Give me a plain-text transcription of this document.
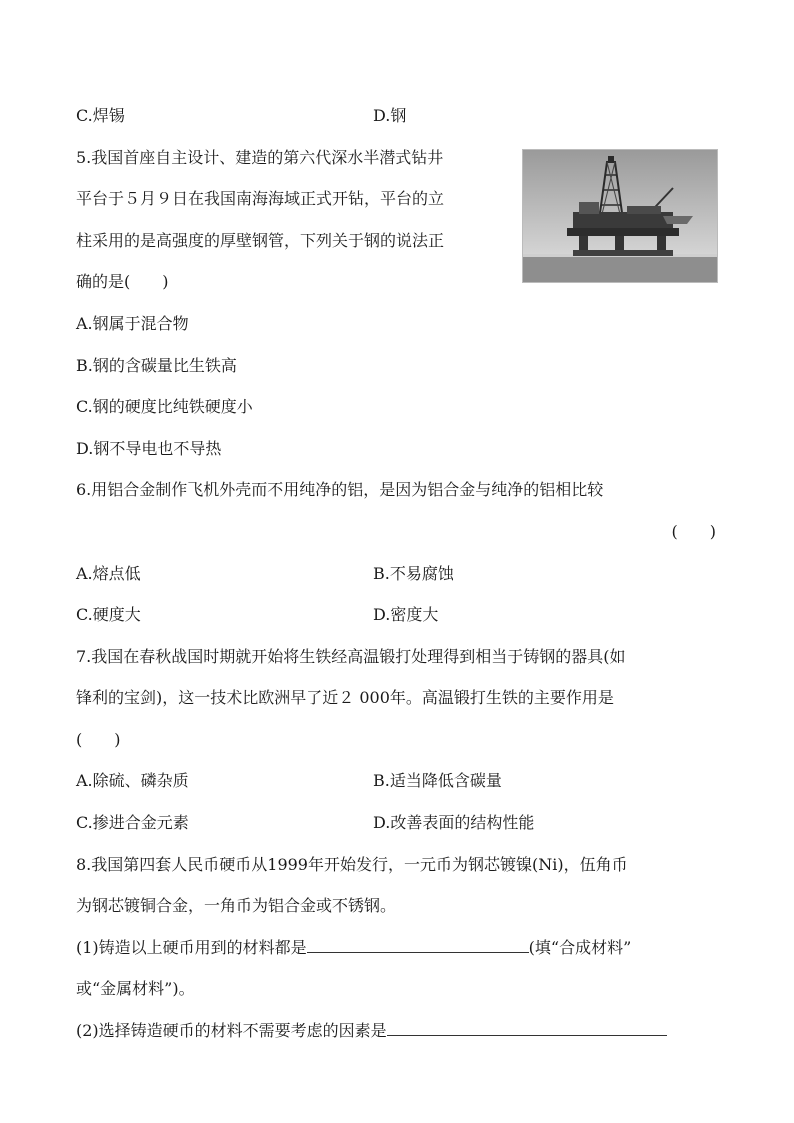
C.焊锡	D.钢
5.我国首座自主设计、建造的第六代深水半潜式钻井
平台于５月９日在我国南海海域正式开钻，平台的立
柱采用的是高强度的厚壁钢管，下列关于钢的说法正
确的是(　　)
A.钢属于混合物
B.钢的含碳量比生铁高
C.钢的硬度比纯铁硬度小
D.钢不导电也不导热
6.用铝合金制作飞机外壳而不用纯净的铝，是因为铝合金与纯净的铝相比较
(　　)
A.熔点低	B.不易腐蚀
C.硬度大	D.密度大
7.我国在春秋战国时期就开始将生铁经高温锻打处理得到相当于铸钢的器具(如
锋利的宝剑)，这一技术比欧洲早了近２ 000年。高温锻打生铁的主要作用是
(　　)
A.除硫、磷杂质	B.适当降低含碳量
C.掺进合金元素	D.改善表面的结构性能
8.我国第四套人民币硬币从1999年开始发行，一元币为钢芯镀镍(Ni)，伍角币
为钢芯镀铜合金，一角币为铝合金或不锈钢。
(1)铸造以上硬币用到的材料都是	(填“合成材料”
或“金属材料”)。
(2)选择铸造硬币的材料不需要考虑的因素是
